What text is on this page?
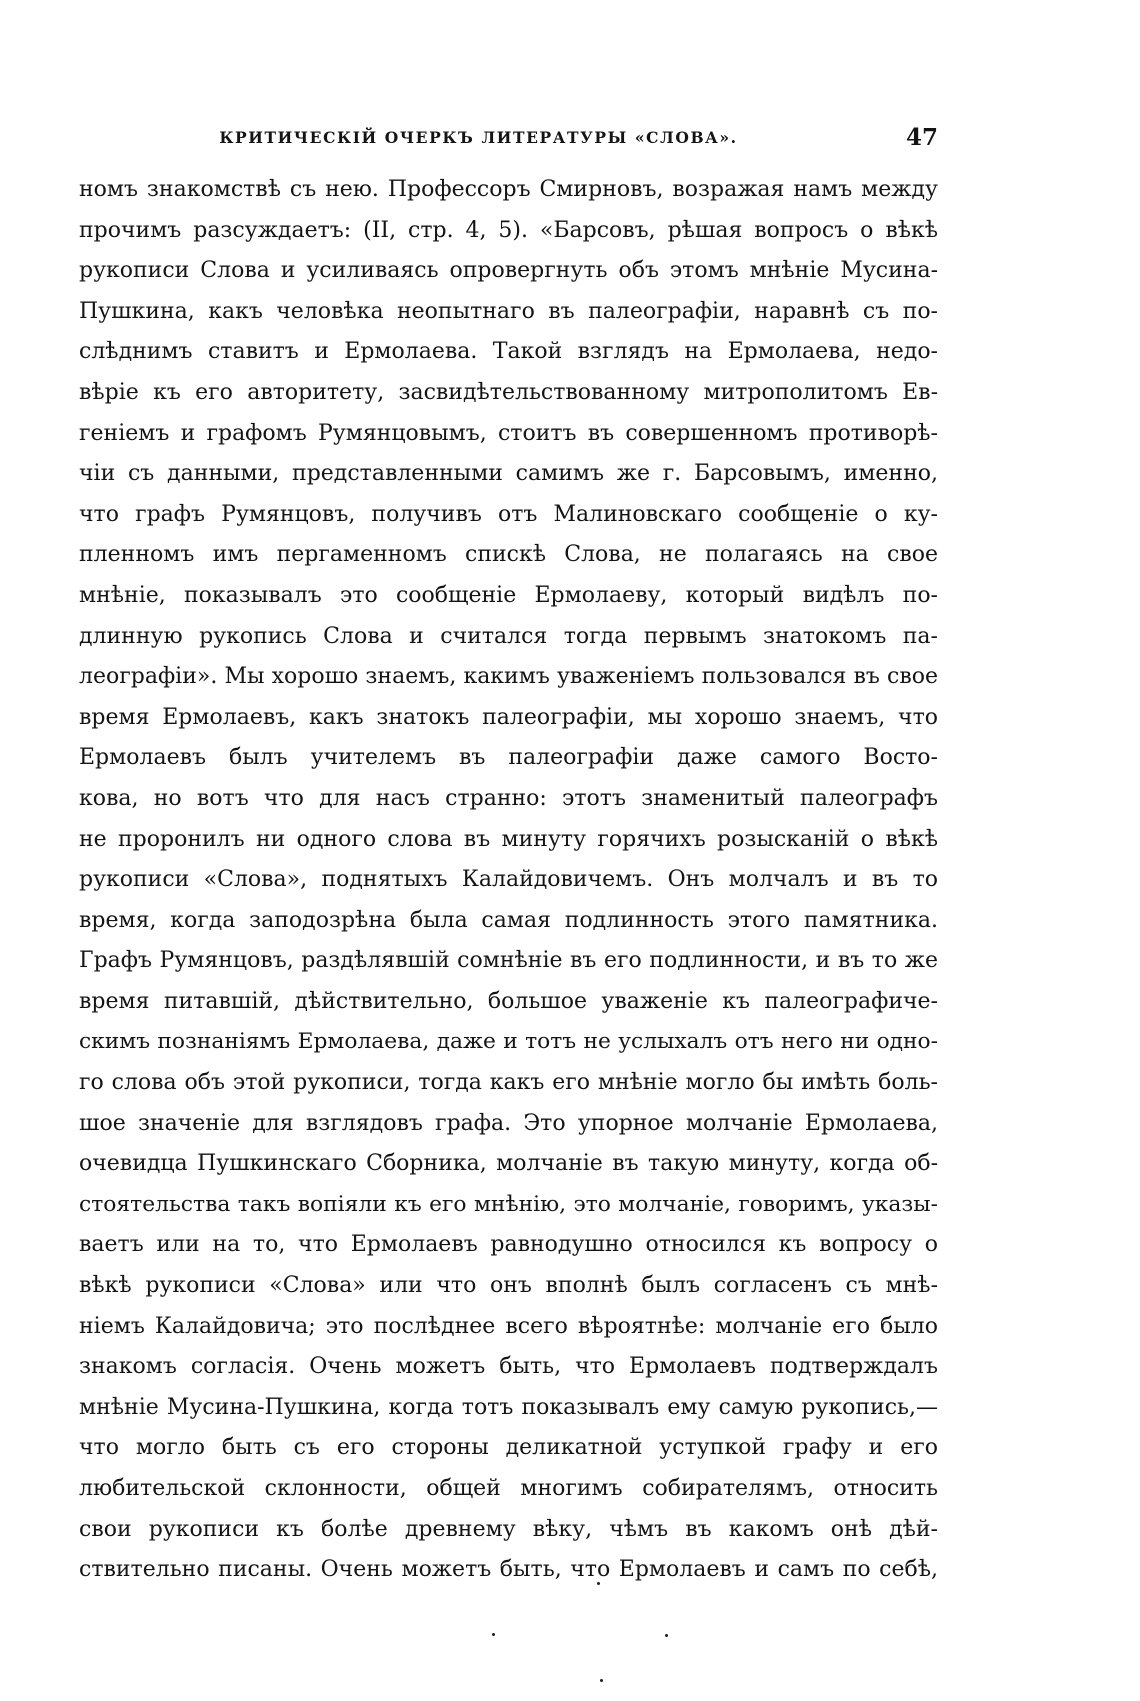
КРИТИЧЕСКІЙ ОЧЕРКЪ ЛИТЕРАТУРЫ «СЛОВА».	47
номъ знакомствѣ съ нею. Профессоръ Смирновъ, возражая намъ между
прочимъ разсуждаетъ: (II, стр. 4, 5). «Барсовъ, рѣшая вопросъ о вѣкѣ
рукописи Слова и усиливаясь опровергнуть объ этомъ мнѣніе Мусина-
Пушкина, какъ человѣка неопытнаго въ палеографіи, наравнѣ съ по-
слѣднимъ ставитъ и Ермолаева. Такой взглядъ на Ермолаева, недо-
вѣріе къ его авторитету, засвидѣтельствованному митрополитомъ Ев-
геніемъ и графомъ Румянцовымъ, стоитъ въ совершенномъ противорѣ-
чіи съ данными, представленными самимъ же г. Барсовымъ, именно,
что графъ Румянцовъ, получивъ отъ Малиновскаго сообщеніе о ку-
пленномъ имъ пергаменномъ спискѣ Слова, не полагаясь на свое
мнѣніе, показывалъ это сообщеніе Ермолаеву, который видѣлъ по-
длинную рукопись Слова и считался тогда первымъ знатокомъ па-
леографіи». Мы хорошо знаемъ, какимъ уваженіемъ пользовался въ свое
время Ермолаевъ, какъ знатокъ палеографіи, мы хорошо знаемъ, что
Ермолаевъ былъ учителемъ въ палеографіи даже самого Восто-
кова, но вотъ что для насъ странно: этотъ знаменитый палеографъ
не проронилъ ни одного слова въ минуту горячихъ розысканій о вѣкѣ
рукописи «Слова», поднятыхъ Калайдовичемъ. Онъ молчалъ и въ то
время, когда заподозрѣна была самая подлинность этого памятника.
Графъ Румянцовъ, раздѣлявшій сомнѣніе въ его подлинности, и въ то же
время питавшій, дѣйствительно, большое уваженіе къ палеографиче-
скимъ познаніямъ Ермолаева, даже и тотъ не услыхалъ отъ него ни одно-
го слова объ этой рукописи, тогда какъ его мнѣніе могло бы имѣть боль-
шое значеніе для взглядовъ графа. Это упорное молчаніе Ермолаева,
очевидца Пушкинскаго Сборника, молчаніе въ такую минуту, когда об-
стоятельства такъ вопіяли къ его мнѣнію, это молчаніе, говоримъ, указы-
ваетъ или на то, что Ермолаевъ равнодушно относился къ вопросу о
вѣкѣ рукописи «Слова» или что онъ вполнѣ былъ согласенъ съ мнѣ-
ніемъ Калайдовича; это послѣднее всего вѣроятнѣе: молчаніе его было
знакомъ согласія. Очень можетъ быть, что Ермолаевъ подтверждалъ
мнѣніе Мусина-Пушкина, когда тотъ показывалъ ему самую рукопись,—
что могло быть съ его стороны деликатной уступкой графу и его
любительской склонности, общей многимъ собирателямъ, относить
свои рукописи къ болѣе древнему вѣку, чѣмъ въ какомъ онѣ дѣй-
ствительно писаны. Очень можетъ быть, что Ермолаевъ и самъ по себѣ,
